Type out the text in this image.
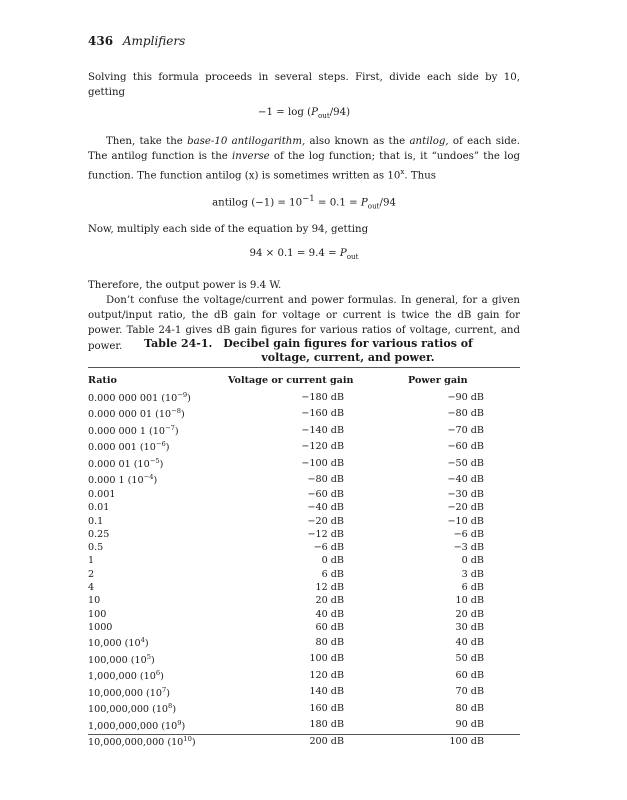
436 Amplifiers

Solving this formula proceeds in several steps. First, divide each side by 10, getting

$-1 = \log (P_{out}/94)$

Then, take the base-10 antilogarithm, also known as the antilog, of each side. The antilog function is the inverse of the log function; that is, it “undoes” the log function. The function antilog (x) is sometimes written as 10$^x$. Thus

antilog $(-1) = 10^{-1} = 0.1 = P_{out}/94$

Now, multiply each side of the equation by 94, getting

$94 \times 0.1 = 9.4 = P_{out}$

Therefore, the output power is 9.4 W.

Don’t confuse the voltage/current and power formulas. In general, for a given output/input ratio, the dB gain for voltage or current is twice the dB gain for power. Table 24-1 gives dB gain figures for various ratios of voltage, current, and power.	Table 24-1. Decibel gain figures for various ratios of voltage, current, and power.
Ratio	Voltage or current gain	Power gain
0.000 000 001 $(10^{-9})$	−180 dB	−90 dB
0.000 000 01 $(10^{-8})$	−160 dB	−80 dB
0.000 000 1 $(10^{-7})$	−140 dB	−70 dB
0.000 001 $(10^{-6})$	−120 dB	−60 dB
0.000 01 $(10^{-5})$	−100 dB	−50 dB
0.000 1 $(10^{-4})$	−80 dB	−40 dB
0.001	−60 dB	−30 dB
0.01	−40 dB	−20 dB
0.1	−20 dB	−10 dB
0.25	−12 dB	−6 dB
0.5	−6 dB	−3 dB
1	0 dB	0 dB
2	6 dB	3 dB
4	12 dB	6 dB
10	20 dB	10 dB
100	40 dB	20 dB
1000	60 dB	30 dB
10,000 $(10^4)$	80 dB	40 dB
100,000 $(10^5)$	100 dB	50 dB
1,000,000 $(10^6)$	120 dB	60 dB
10,000,000 $(10^7)$	140 dB	70 dB
100,000,000 $(10^8)$	160 dB	80 dB
1,000,000,000 $(10^9)$	180 dB	90 dB
10,000,000,000 $(10^{10})$	200 dB	100 dB
